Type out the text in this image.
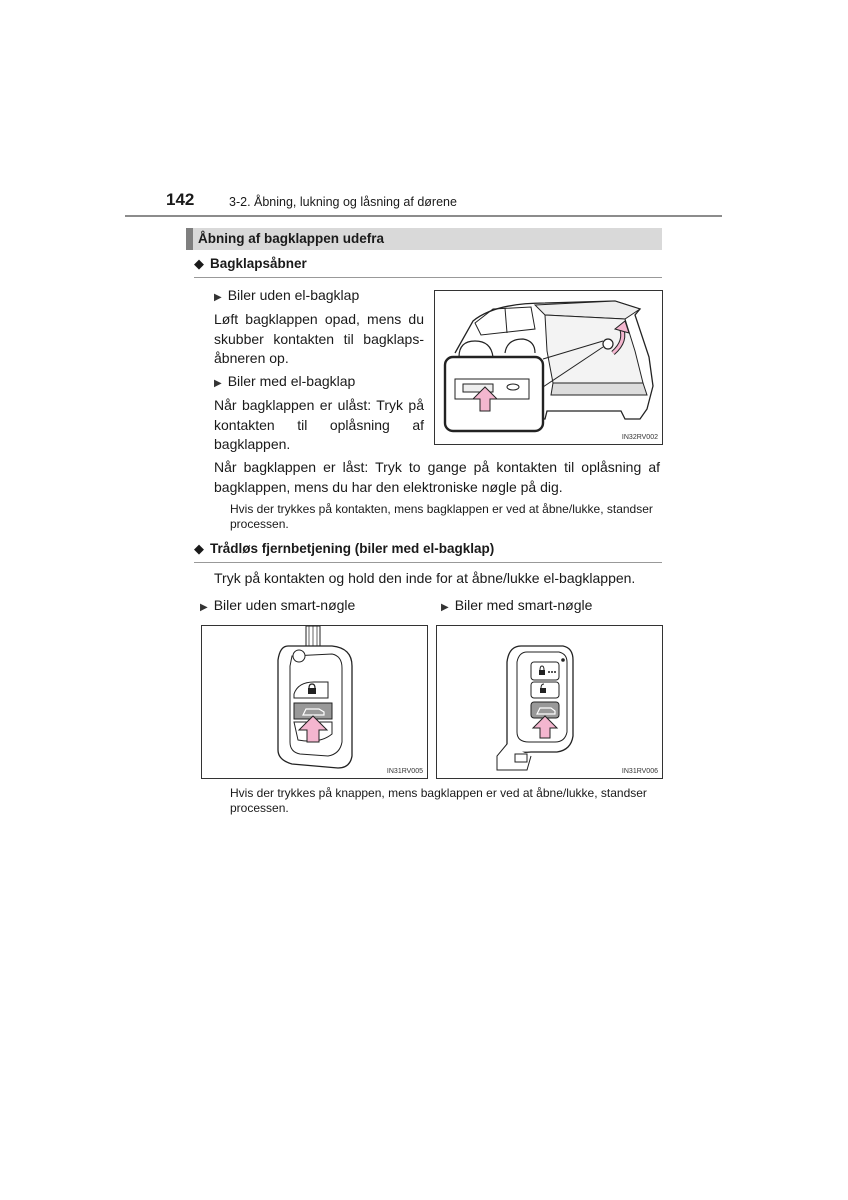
142	3-2. Åbning, lukning og låsning af dørene
Åbning af bagklappen udefra
◆ Bagklapsåbner
▶ Biler uden el-bagklap
Løft bagklappen opad, mens du skubber kontakten til bagklaps-åbneren op.
▶ Biler med el-bagklap
Når bagklappen er ulåst: Tryk på kontakten til oplåsning af bagklappen.	IN32RV002
Når bagklappen er låst: Tryk to gange på kontakten til oplåsning af bagklappen, mens du har den elektroniske nøgle på dig.
Hvis der trykkes på kontakten, mens bagklappen er ved at åbne/lukke, standser processen.
◆ Trådløs fjernbetjening (biler med el-bagklap)
Tryk på kontakten og hold den inde for at åbne/lukke el-bagklappen.
▶ Biler uden smart-nøgle	▶ Biler med smart-nøgle
IN31RV005	IN31RV006
Hvis der trykkes på knappen, mens bagklappen er ved at åbne/lukke, standser processen.
